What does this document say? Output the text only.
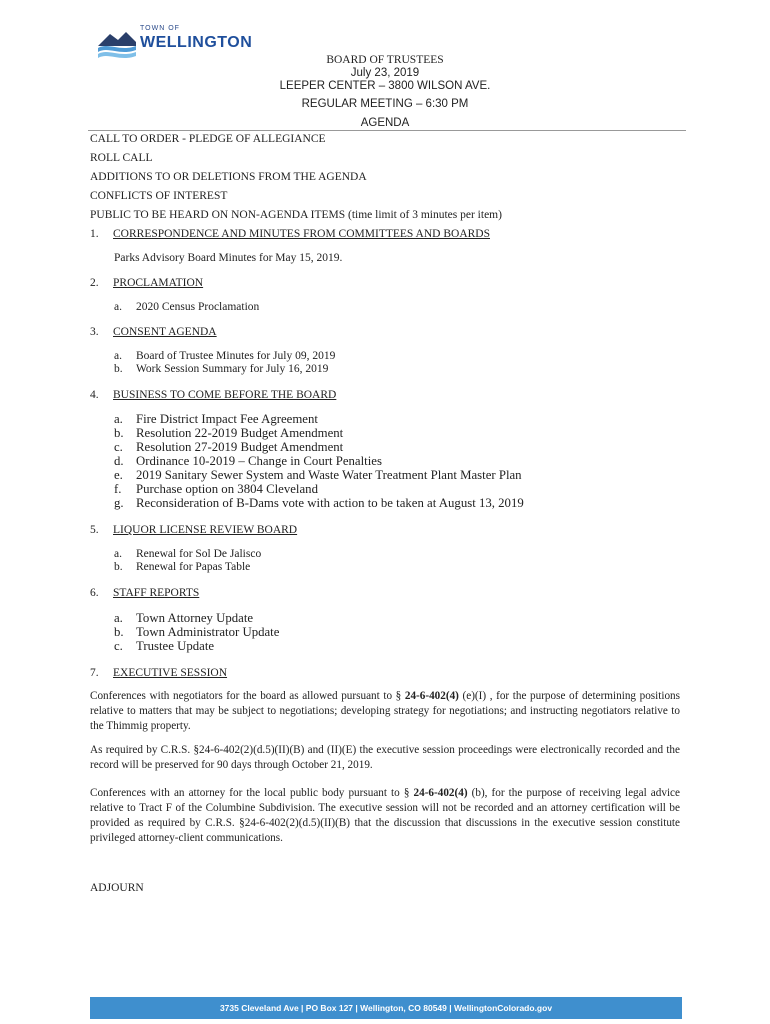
TOWN OF
WELLINGTON
BOARD OF TRUSTEES
July 23, 2019
LEEPER CENTER – 3800 WILSON AVE.
REGULAR MEETING – 6:30 PM
AGENDA
CALL TO ORDER - PLEDGE OF ALLEGIANCE
ROLL CALL
ADDITIONS TO OR DELETIONS FROM THE AGENDA
CONFLICTS OF INTEREST
PUBLIC TO BE HEARD ON NON-AGENDA ITEMS (time limit of 3 minutes per item)
1. CORRESPONDENCE AND MINUTES FROM COMMITTEES AND BOARDS
Parks Advisory Board Minutes for May 15, 2019.
2. PROCLAMATION
a. 2020 Census Proclamation
3. CONSENT AGENDA
a. Board of Trustee Minutes for July 09, 2019
b. Work Session Summary for July 16, 2019
4. BUSINESS TO COME BEFORE THE BOARD
a. Fire District Impact Fee Agreement
b. Resolution 22-2019 Budget Amendment
c. Resolution 27-2019 Budget Amendment
d. Ordinance 10-2019 – Change in Court Penalties
e. 2019 Sanitary Sewer System and Waste Water Treatment Plant Master Plan
f. Purchase option on 3804 Cleveland
g. Reconsideration of B-Dams vote with action to be taken at August 13, 2019
5. LIQUOR LICENSE REVIEW BOARD
a. Renewal for Sol De Jalisco
b. Renewal for Papas Table
6. STAFF REPORTS
a. Town Attorney Update
b. Town Administrator Update
c. Trustee Update
7. EXECUTIVE SESSION
Conferences with negotiators for the board as allowed pursuant to § 24-6-402(4) (e)(I) , for the purpose of determining positions relative to matters that may be subject to negotiations; developing strategy for negotiations; and instructing negotiators relative to the Thimmig property.
As required by C.R.S. §24-6-402(2)(d.5)(II)(B) and (II)(E) the executive session proceedings were electronically recorded and the record will be preserved for 90 days through October 21, 2019.
Conferences with an attorney for the local public body pursuant to § 24-6-402(4) (b), for the purpose of receiving legal advice relative to Tract F of the Columbine Subdivision. The executive session will not be recorded and an attorney certification will be provided as required by C.R.S. §24-6-402(2)(d.5)(II)(B) that the discussion that discussions in the executive session constitute privileged attorney-client communications.
ADJOURN
3735 Cleveland Ave | PO Box 127 | Wellington, CO 80549 | WellingtonColorado.gov
